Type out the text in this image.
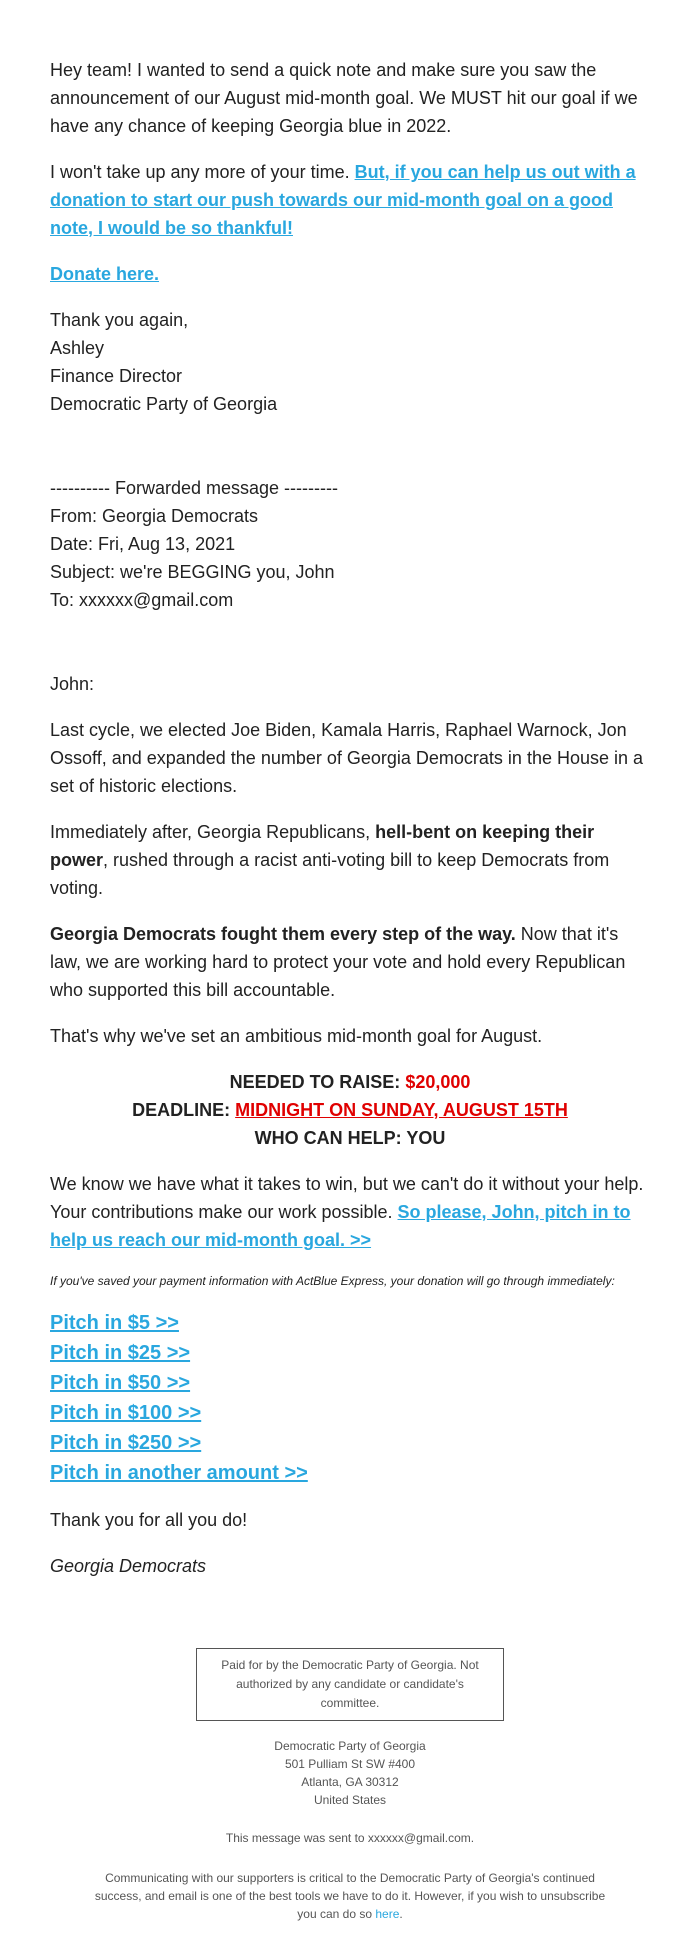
Hey team! I wanted to send a quick note and make sure you saw the announcement of our August mid-month goal. We MUST hit our goal if we have any chance of keeping Georgia blue in 2022.

I won't take up any more of your time. But, if you can help us out with a donation to start our push towards our mid-month goal on a good note, I would be so thankful!

Donate here.

Thank you again,
Ashley
Finance Director
Democratic Party of Georgia

---------- Forwarded message ---------
From: Georgia Democrats
Date: Fri, Aug 13, 2021
Subject: we're BEGGING you, John
To: xxxxxx@gmail.com

John:

Last cycle, we elected Joe Biden, Kamala Harris, Raphael Warnock, Jon Ossoff, and expanded the number of Georgia Democrats in the House in a set of historic elections.

Immediately after, Georgia Republicans, hell-bent on keeping their power, rushed through a racist anti-voting bill to keep Democrats from voting.

Georgia Democrats fought them every step of the way. Now that it's law, we are working hard to protect your vote and hold every Republican who supported this bill accountable.

That's why we've set an ambitious mid-month goal for August.

NEEDED TO RAISE: $20,000
DEADLINE: MIDNIGHT ON SUNDAY, AUGUST 15TH
WHO CAN HELP: YOU

We know we have what it takes to win, but we can't do it without your help. Your contributions make our work possible. So please, John, pitch in to help us reach our mid-month goal. >>

If you've saved your payment information with ActBlue Express, your donation will go through immediately:

Pitch in $5 >>
Pitch in $25 >>
Pitch in $50 >>
Pitch in $100 >>
Pitch in $250 >>
Pitch in another amount >>

Thank you for all you do!

Georgia Democrats

Paid for by the Democratic Party of Georgia. Not authorized by any candidate or candidate's committee.
Democratic Party of Georgia
501 Pulliam St SW #400
Atlanta, GA 30312
United States
This message was sent to xxxxxx@gmail.com.
Communicating with our supporters is critical to the Democratic Party of Georgia's continued success, and email is one of the best tools we have to do it. However, if you wish to unsubscribe you can do so here.
